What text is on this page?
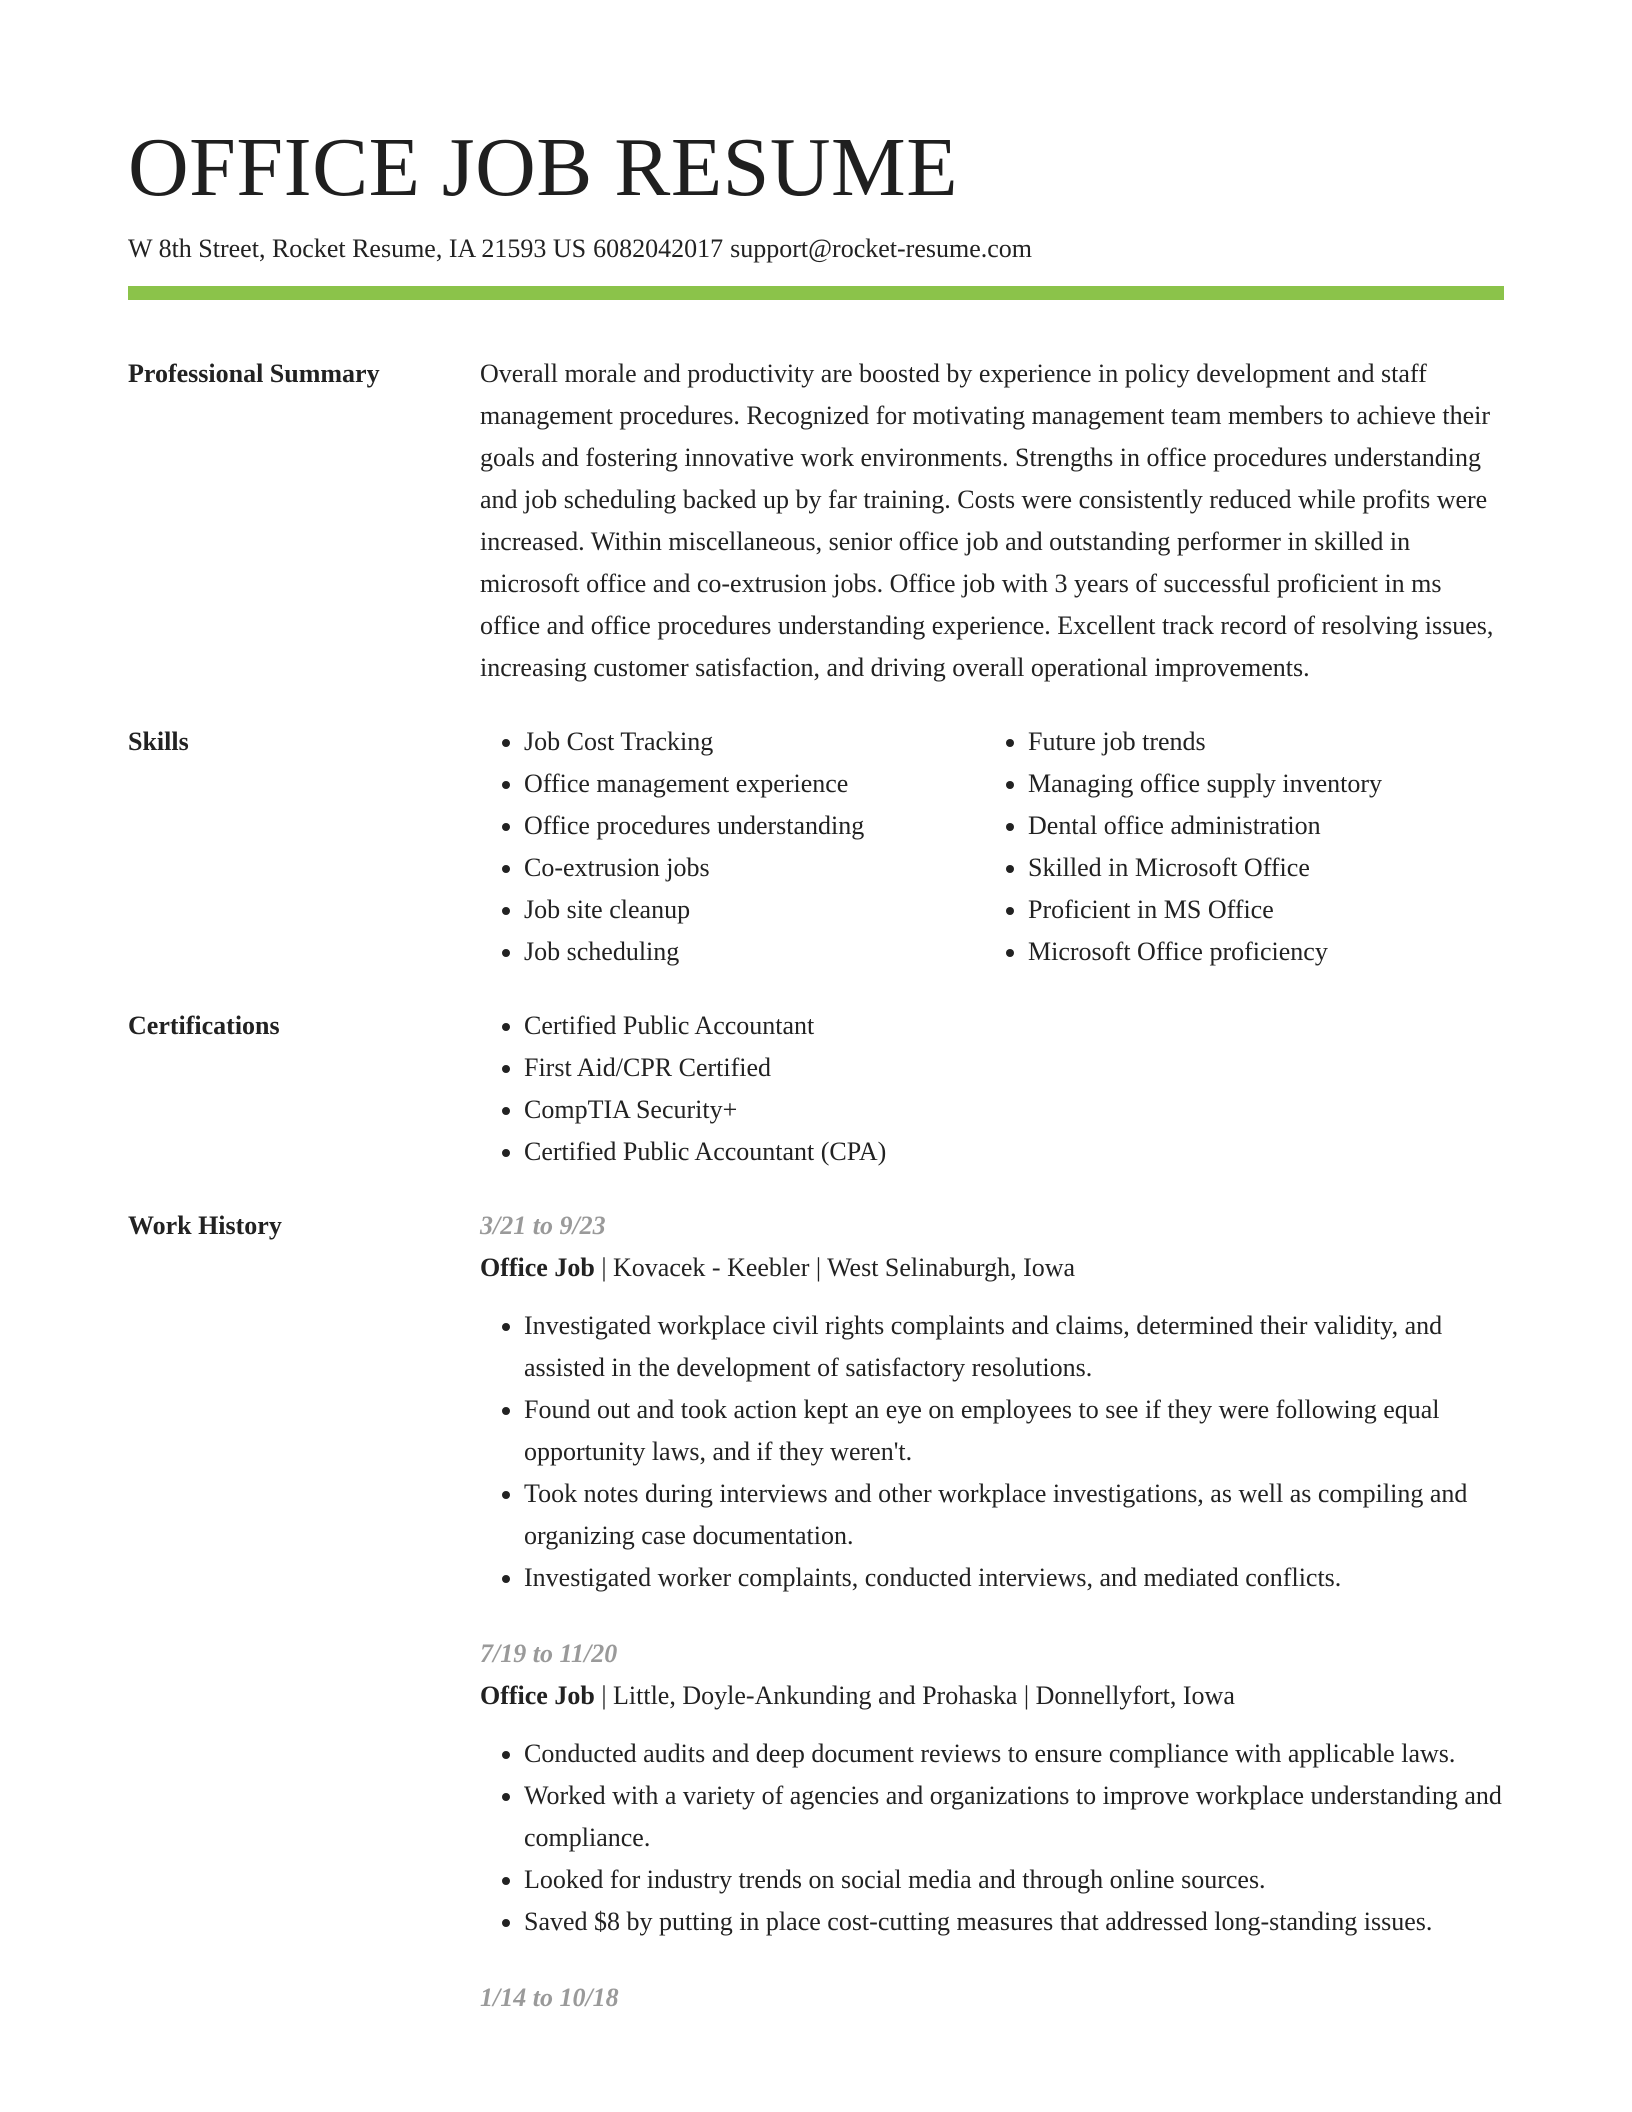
OFFICE JOB RESUME
W 8th Street, Rocket Resume, IA 21593 US 6082042017 support@rocket-resume.com
Professional Summary	Overall morale and productivity are boosted by experience in policy development and staff management procedures. Recognized for motivating management team members to achieve their goals and fostering innovative work environments. Strengths in office procedures understanding and job scheduling backed up by far training. Costs were consistently reduced while profits were increased. Within miscellaneous, senior office job and outstanding performer in skilled in microsoft office and co-extrusion jobs. Office job with 3 years of successful proficient in ms office and office procedures understanding experience. Excellent track record of resolving issues, increasing customer satisfaction, and driving overall operational improvements.

Skills	• Job Cost Tracking
• Office management experience
• Office procedures understanding
• Co-extrusion jobs
• Job site cleanup
• Job scheduling
• Future job trends
• Managing office supply inventory
• Dental office administration
• Skilled in Microsoft Office
• Proficient in MS Office
• Microsoft Office proficiency
Certifications	• Certified Public Accountant
• First Aid/CPR Certified
• CompTIA Security+
• Certified Public Accountant (CPA)
Work History	3/21 to 9/23

Office Job | Kovacek - Keebler | West Selinaburgh, Iowa

• Investigated workplace civil rights complaints and claims, determined their validity, and assisted in the development of satisfactory resolutions.
• Found out and took action kept an eye on employees to see if they were following equal opportunity laws, and if they weren't.
• Took notes during interviews and other workplace investigations, as well as compiling and organizing case documentation.
• Investigated worker complaints, conducted interviews, and mediated conflicts.

7/19 to 11/20

Office Job | Little, Doyle-Ankunding and Prohaska | Donnellyfort, Iowa

• Conducted audits and deep document reviews to ensure compliance with applicable laws.
• Worked with a variety of agencies and organizations to improve workplace understanding and compliance.
• Looked for industry trends on social media and through online sources.
• Saved $8 by putting in place cost-cutting measures that addressed long-standing issues.

1/14 to 10/18
